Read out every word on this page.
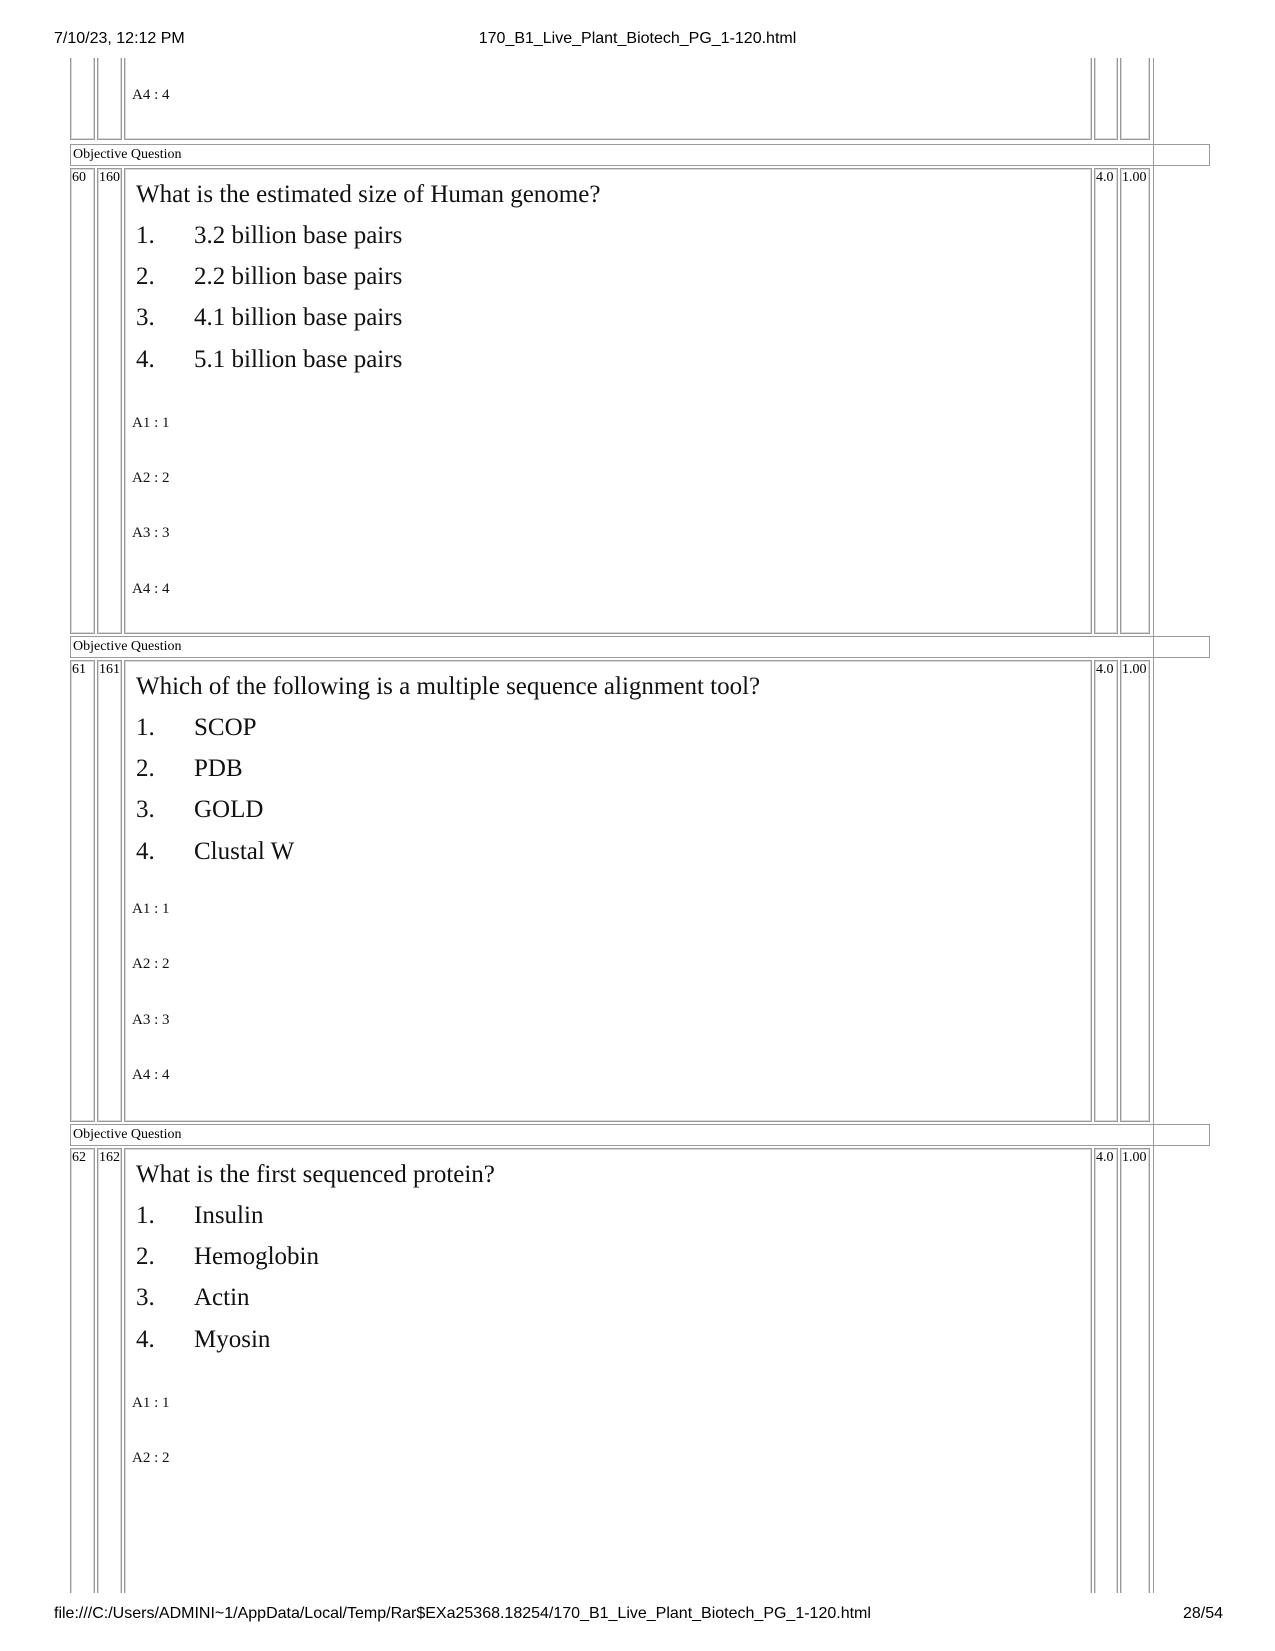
7/10/23, 12:12 PM	170_B1_Live_Plant_Biotech_PG_1-120.html
A4 : 4
Objective Question
60 160
What is the estimated size of Human genome?
1. 3.2 billion base pairs
2. 2.2 billion base pairs
3. 4.1 billion base pairs
4. 5.1 billion base pairs
A1 : 1
A2 : 2
A3 : 3
A4 : 4
4.0 1.00
Objective Question
61 161
Which of the following is a multiple sequence alignment tool?
1. SCOP
2. PDB
3. GOLD
4. Clustal W
A1 : 1
A2 : 2
A3 : 3
A4 : 4
4.0 1.00
Objective Question
62 162
What is the first sequenced protein?
1. Insulin
2. Hemoglobin
3. Actin
4. Myosin
A1 : 1
A2 : 2
4.0 1.00
file:///C:/Users/ADMINI~1/AppData/Local/Temp/Rar$EXa25368.18254/170_B1_Live_Plant_Biotech_PG_1-120.html	28/54
